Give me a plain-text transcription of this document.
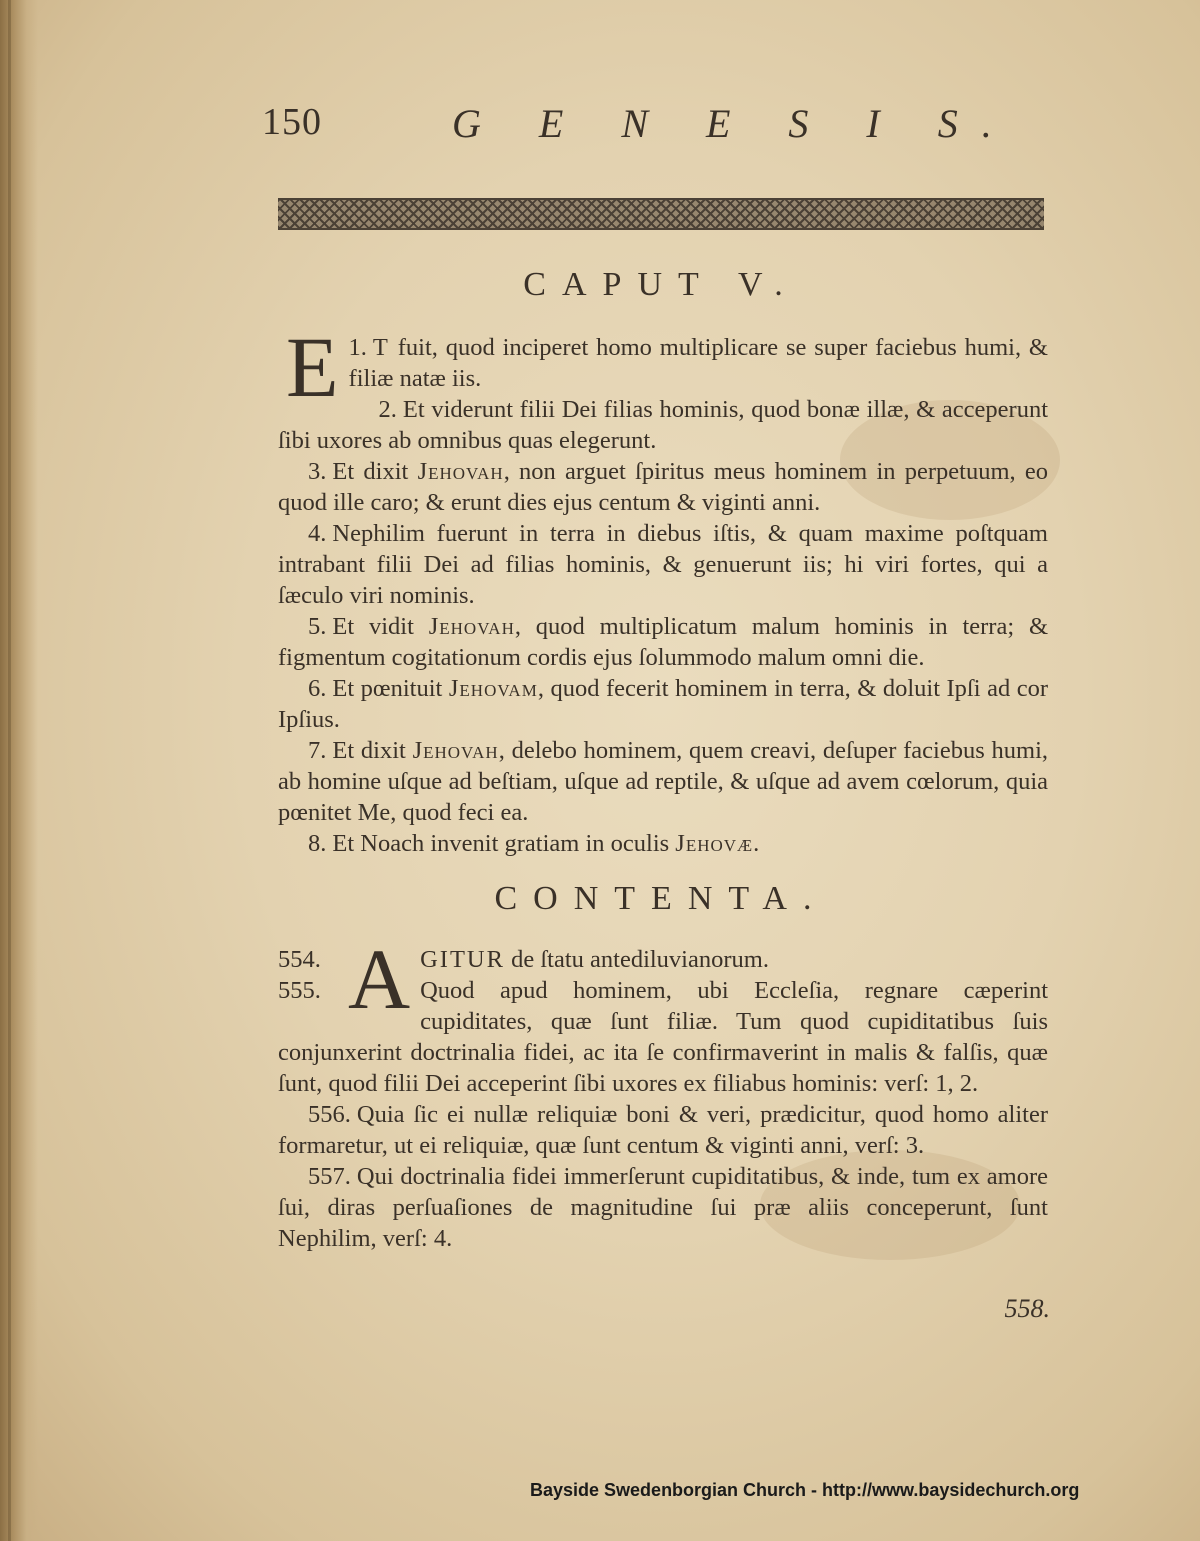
150	G E N E S I S.
CAPUT V.

1.
E T fuit, quod inciperet homo multiplicare se super faciebus humi, & filiæ natæ iis.

2. Et viderunt filii Dei filias hominis, quod bonæ illæ, & acceperunt ſibi uxores ab omnibus quas elegerunt.

3. Et dixit Jehovah, non arguet ſpiritus meus hominem in perpetuum, eo quod ille caro; & erunt dies ejus centum & viginti anni.

4. Nephilim fuerunt in terra in diebus iſtis, & quam maxime poſtquam intrabant filii Dei ad filias hominis, & genuerunt iis; hi viri fortes, qui a ſæculo viri nominis.

5. Et vidit Jehovah, quod multiplicatum malum hominis in terra; & figmentum cogitationum cordis ejus ſolummodo malum omni die.

6. Et pœnituit Jehovam, quod fecerit hominem in terra, & doluit Ipſi ad cor Ipſius.

7. Et dixit Jehovah, delebo hominem, quem creavi, deſuper faciebus humi, ab homine uſque ad beſtiam, uſque ad reptile, & uſque ad avem cœlorum, quia pœnitet Me, quod feci ea.

8. Et Noach invenit gratiam in oculis Jehovæ.

CONTENTA.

554.
555. A GITUR de ſtatu antediluvianorum.
Quod apud hominem, ubi Eccleſia, regnare cæperint cupiditates, quæ ſunt filiæ. Tum quod cupiditatibus ſuis conjunxerint doctrinalia fidei, ac ita ſe confirmaverint in malis & falſis, quæ ſunt, quod filii Dei acceperint ſibi uxores ex filiabus hominis: verſ: 1, 2.

556. Quia ſic ei nullæ reliquiæ boni & veri, prædicitur, quod homo aliter formaretur, ut ei reliquiæ, quæ ſunt centum & viginti anni, verſ: 3.

557. Qui doctrinalia fidei immerſerunt cupiditatibus, & inde, tum ex amore ſui, diras perſuaſiones de magnitudine ſui præ aliis conceperunt, ſunt Nephilim, verſ: 4.

558.
Bayside Swedenborgian Church - http://www.baysidechurch.org
